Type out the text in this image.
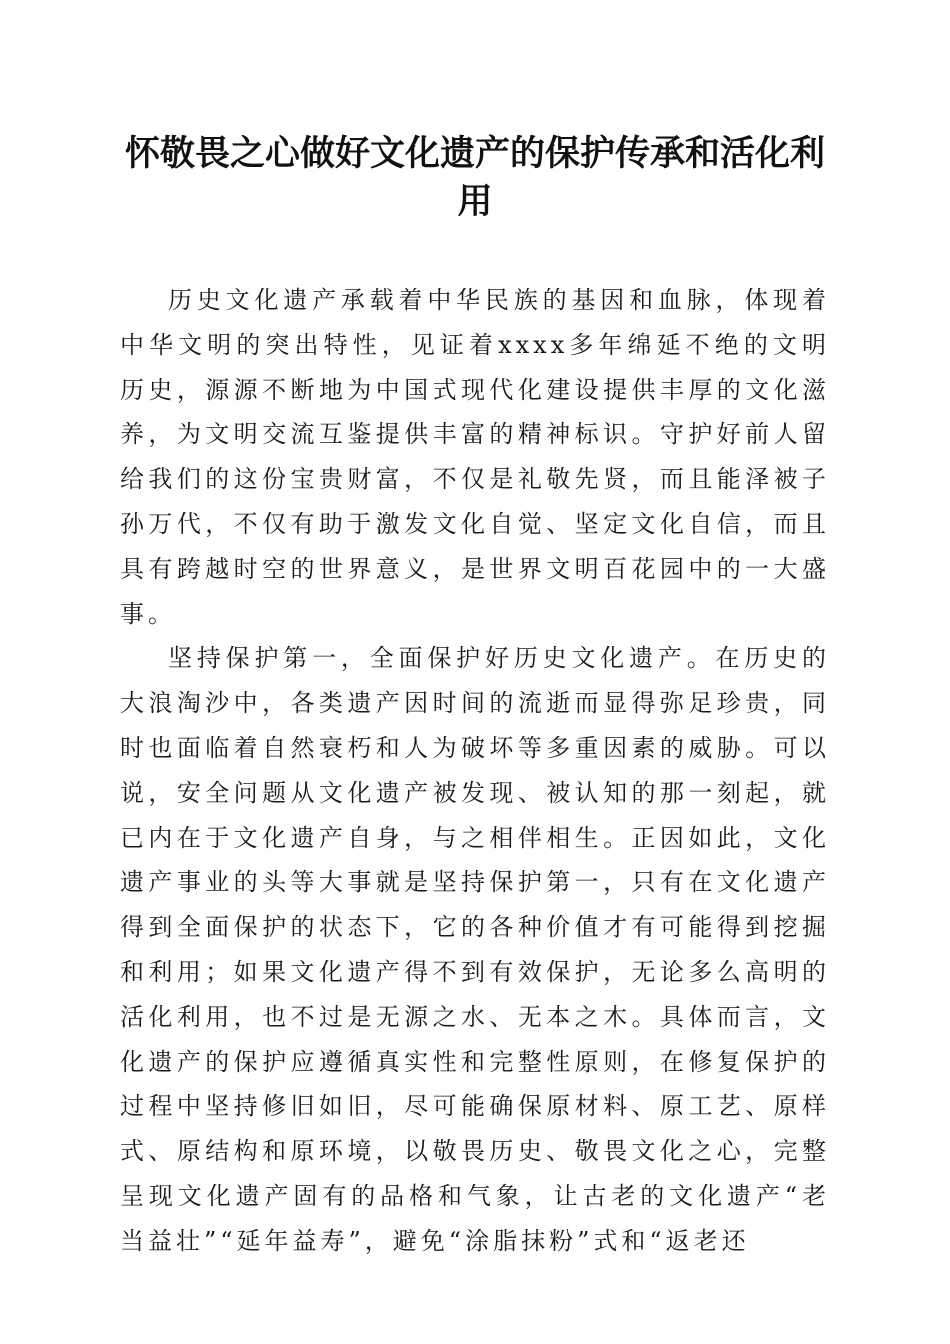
怀敬畏之心做好文化遗产的保护传承和活化利用

历史文化遗产承载着中华民族的基因和血脉，体现着中华文明的突出特性，见证着xxxx多年绵延不绝的文明历史，源源不断地为中国式现代化建设提供丰厚的文化滋养，为文明交流互鉴提供丰富的精神标识。守护好前人留给我们的这份宝贵财富，不仅是礼敬先贤，而且能泽被子孙万代，不仅有助于激发文化自觉、坚定文化自信，而且具有跨越时空的世界意义，是世界文明百花园中的一大盛事。

坚持保护第一，全面保护好历史文化遗产。在历史的大浪淘沙中，各类遗产因时间的流逝而显得弥足珍贵，同时也面临着自然衰朽和人为破坏等多重因素的威胁。可以说，安全问题从文化遗产被发现、被认知的那一刻起，就已内在于文化遗产自身，与之相伴相生。正因如此，文化遗产事业的头等大事就是坚持保护第一，只有在文化遗产得到全面保护的状态下，它的各种价值才有可能得到挖掘和利用；如果文化遗产得不到有效保护，无论多么高明的活化利用，也不过是无源之水、无本之木。具体而言，文化遗产的保护应遵循真实性和完整性原则，在修复保护的过程中坚持修旧如旧，尽可能确保原材料、原工艺、原样式、原结构和原环境，以敬畏历史、敬畏文化之心，完整呈现文化遗产固有的品格和气象，让古老的文化遗产“老当益壮”“延年益寿”，避免“涂脂抹粉”式和“返老还
